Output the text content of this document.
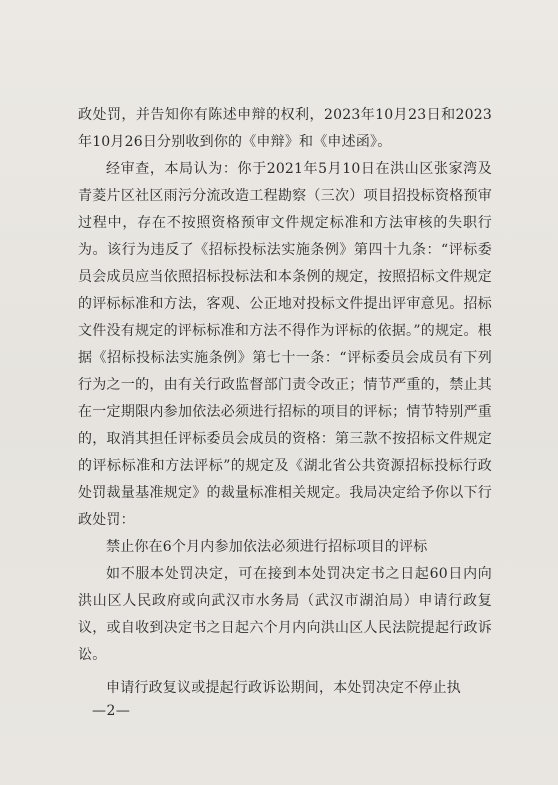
政处罚，并告知你有陈述申辩的权利，2023年10月23日和2023年10月26日分别收到你的《申辩》和《申述函》。

经审查，本局认为：你于2021年5月10日在洪山区张家湾及青菱片区社区雨污分流改造工程勘察（三次）项目招投标资格预审过程中，存在不按照资格预审文件规定标准和方法审核的失职行为。该行为违反了《招标投标法实施条例》第四十九条：“评标委员会成员应当依照招标投标法和本条例的规定，按照招标文件规定的评标标准和方法，客观、公正地对投标文件提出评审意见。招标文件没有规定的评标标准和方法不得作为评标的依据。”的规定。根据《招标投标法实施条例》第七十一条：“评标委员会成员有下列行为之一的，由有关行政监督部门责令改正；情节严重的，禁止其在一定期限内参加依法必须进行招标的项目的评标；情节特别严重的，取消其担任评标委员会成员的资格：第三款不按招标文件规定的评标标准和方法评标”的规定及《湖北省公共资源招标投标行政处罚裁量基准规定》的裁量标准相关规定。我局决定给予你以下行政处罚：

禁止你在6个月内参加依法必须进行招标项目的评标

如不服本处罚决定，可在接到本处罚决定书之日起60日内向洪山区人民政府或向武汉市水务局（武汉市湖泊局）申请行政复议，或自收到决定书之日起六个月内向洪山区人民法院提起行政诉讼。

申请行政复议或提起行政诉讼期间，本处罚决定不停止执

—2—
